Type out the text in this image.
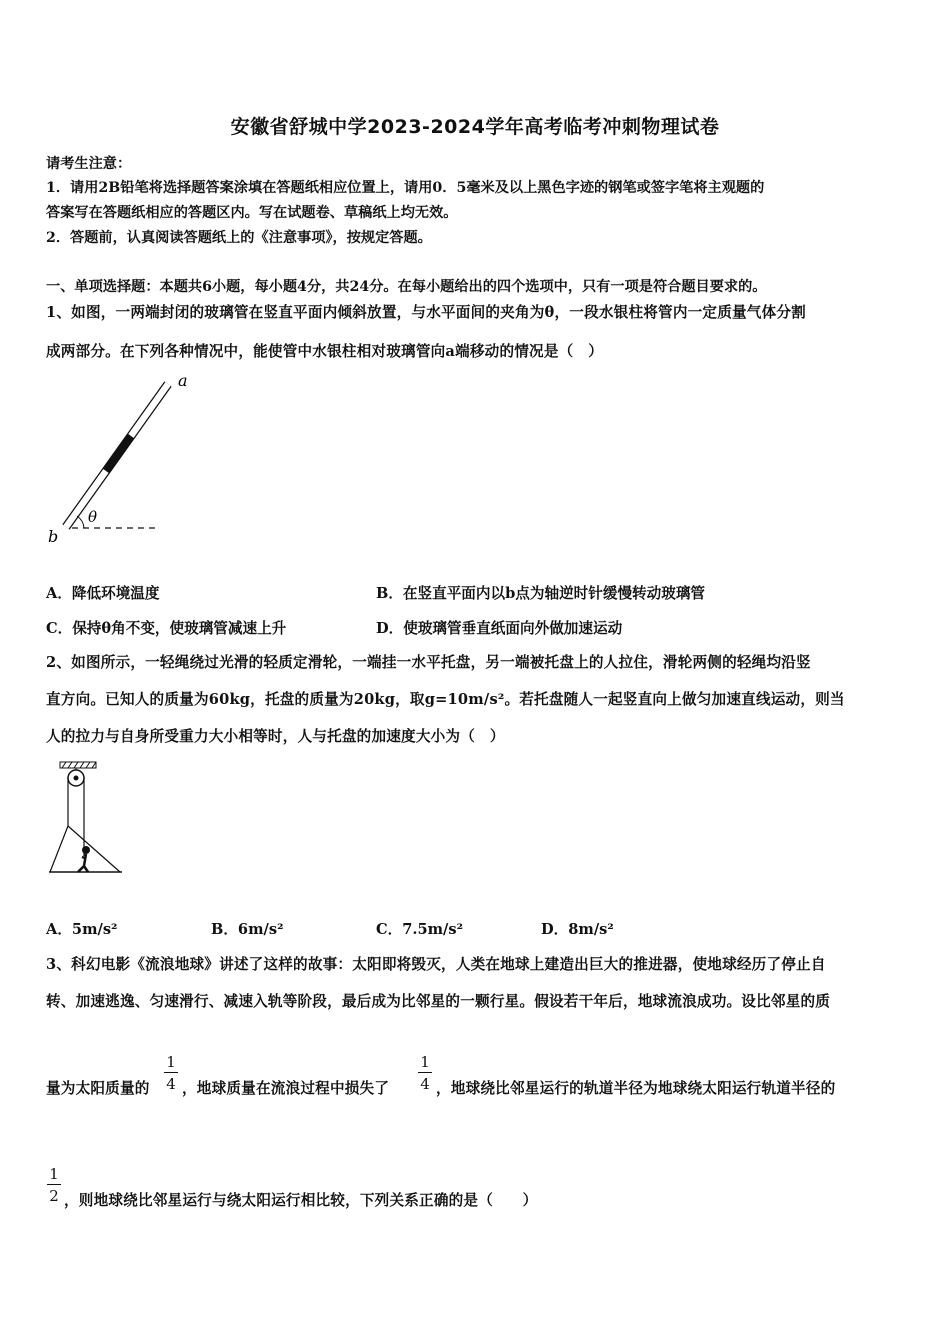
安徽省舒城中学2023-2024学年高考临考冲刺物理试卷
请考生注意：
1．请用2B铅笔将选择题答案涂填在答题纸相应位置上，请用0．5毫米及以上黑色字迹的钢笔或签字笔将主观题的
答案写在答题纸相应的答题区内。写在试题卷、草稿纸上均无效。
2．答题前，认真阅读答题纸上的《注意事项》，按规定答题。
一、单项选择题：本题共6小题，每小题4分，共24分。在每小题给出的四个选项中，只有一项是符合题目要求的。
1、如图，一两端封闭的玻璃管在竖直平面内倾斜放置，与水平面间的夹角为θ，一段水银柱将管内一定质量气体分割
成两部分。在下列各种情况中，能使管中水银柱相对玻璃管向a端移动的情况是（　）
a
b
θ
A．降低环境温度	B．在竖直平面内以b点为轴逆时针缓慢转动玻璃管
C．保持θ角不变，使玻璃管减速上升	D．使玻璃管垂直纸面向外做加速运动
2、如图所示，一轻绳绕过光滑的轻质定滑轮，一端挂一水平托盘，另一端被托盘上的人拉住，滑轮两侧的轻绳均沿竖
直方向。已知人的质量为60kg，托盘的质量为20kg，取g=10m/s²。若托盘随人一起竖直向上做匀加速直线运动，则当
人的拉力与自身所受重力大小相等时，人与托盘的加速度大小为（　）
A．5m/s²	B．6m/s²	C．7.5m/s²	D．8m/s²
3、科幻电影《流浪地球》讲述了这样的故事：太阳即将毁灭，人类在地球上建造出巨大的推进器，使地球经历了停止自
转、加速逃逸、匀速滑行、减速入轨等阶段，最后成为比邻星的一颗行星。假设若干年后，地球流浪成功。设比邻星的质
量为太阳质量的 $\frac{1}{4}$ ，地球质量在流浪过程中损失了 $\frac{1}{4}$ ，地球绕比邻星运行的轨道半径为地球绕太阳运行轨道半径的
$\frac{1}{2}$ ，则地球绕比邻星运行与绕太阳运行相比较，下列关系正确的是（　　）
